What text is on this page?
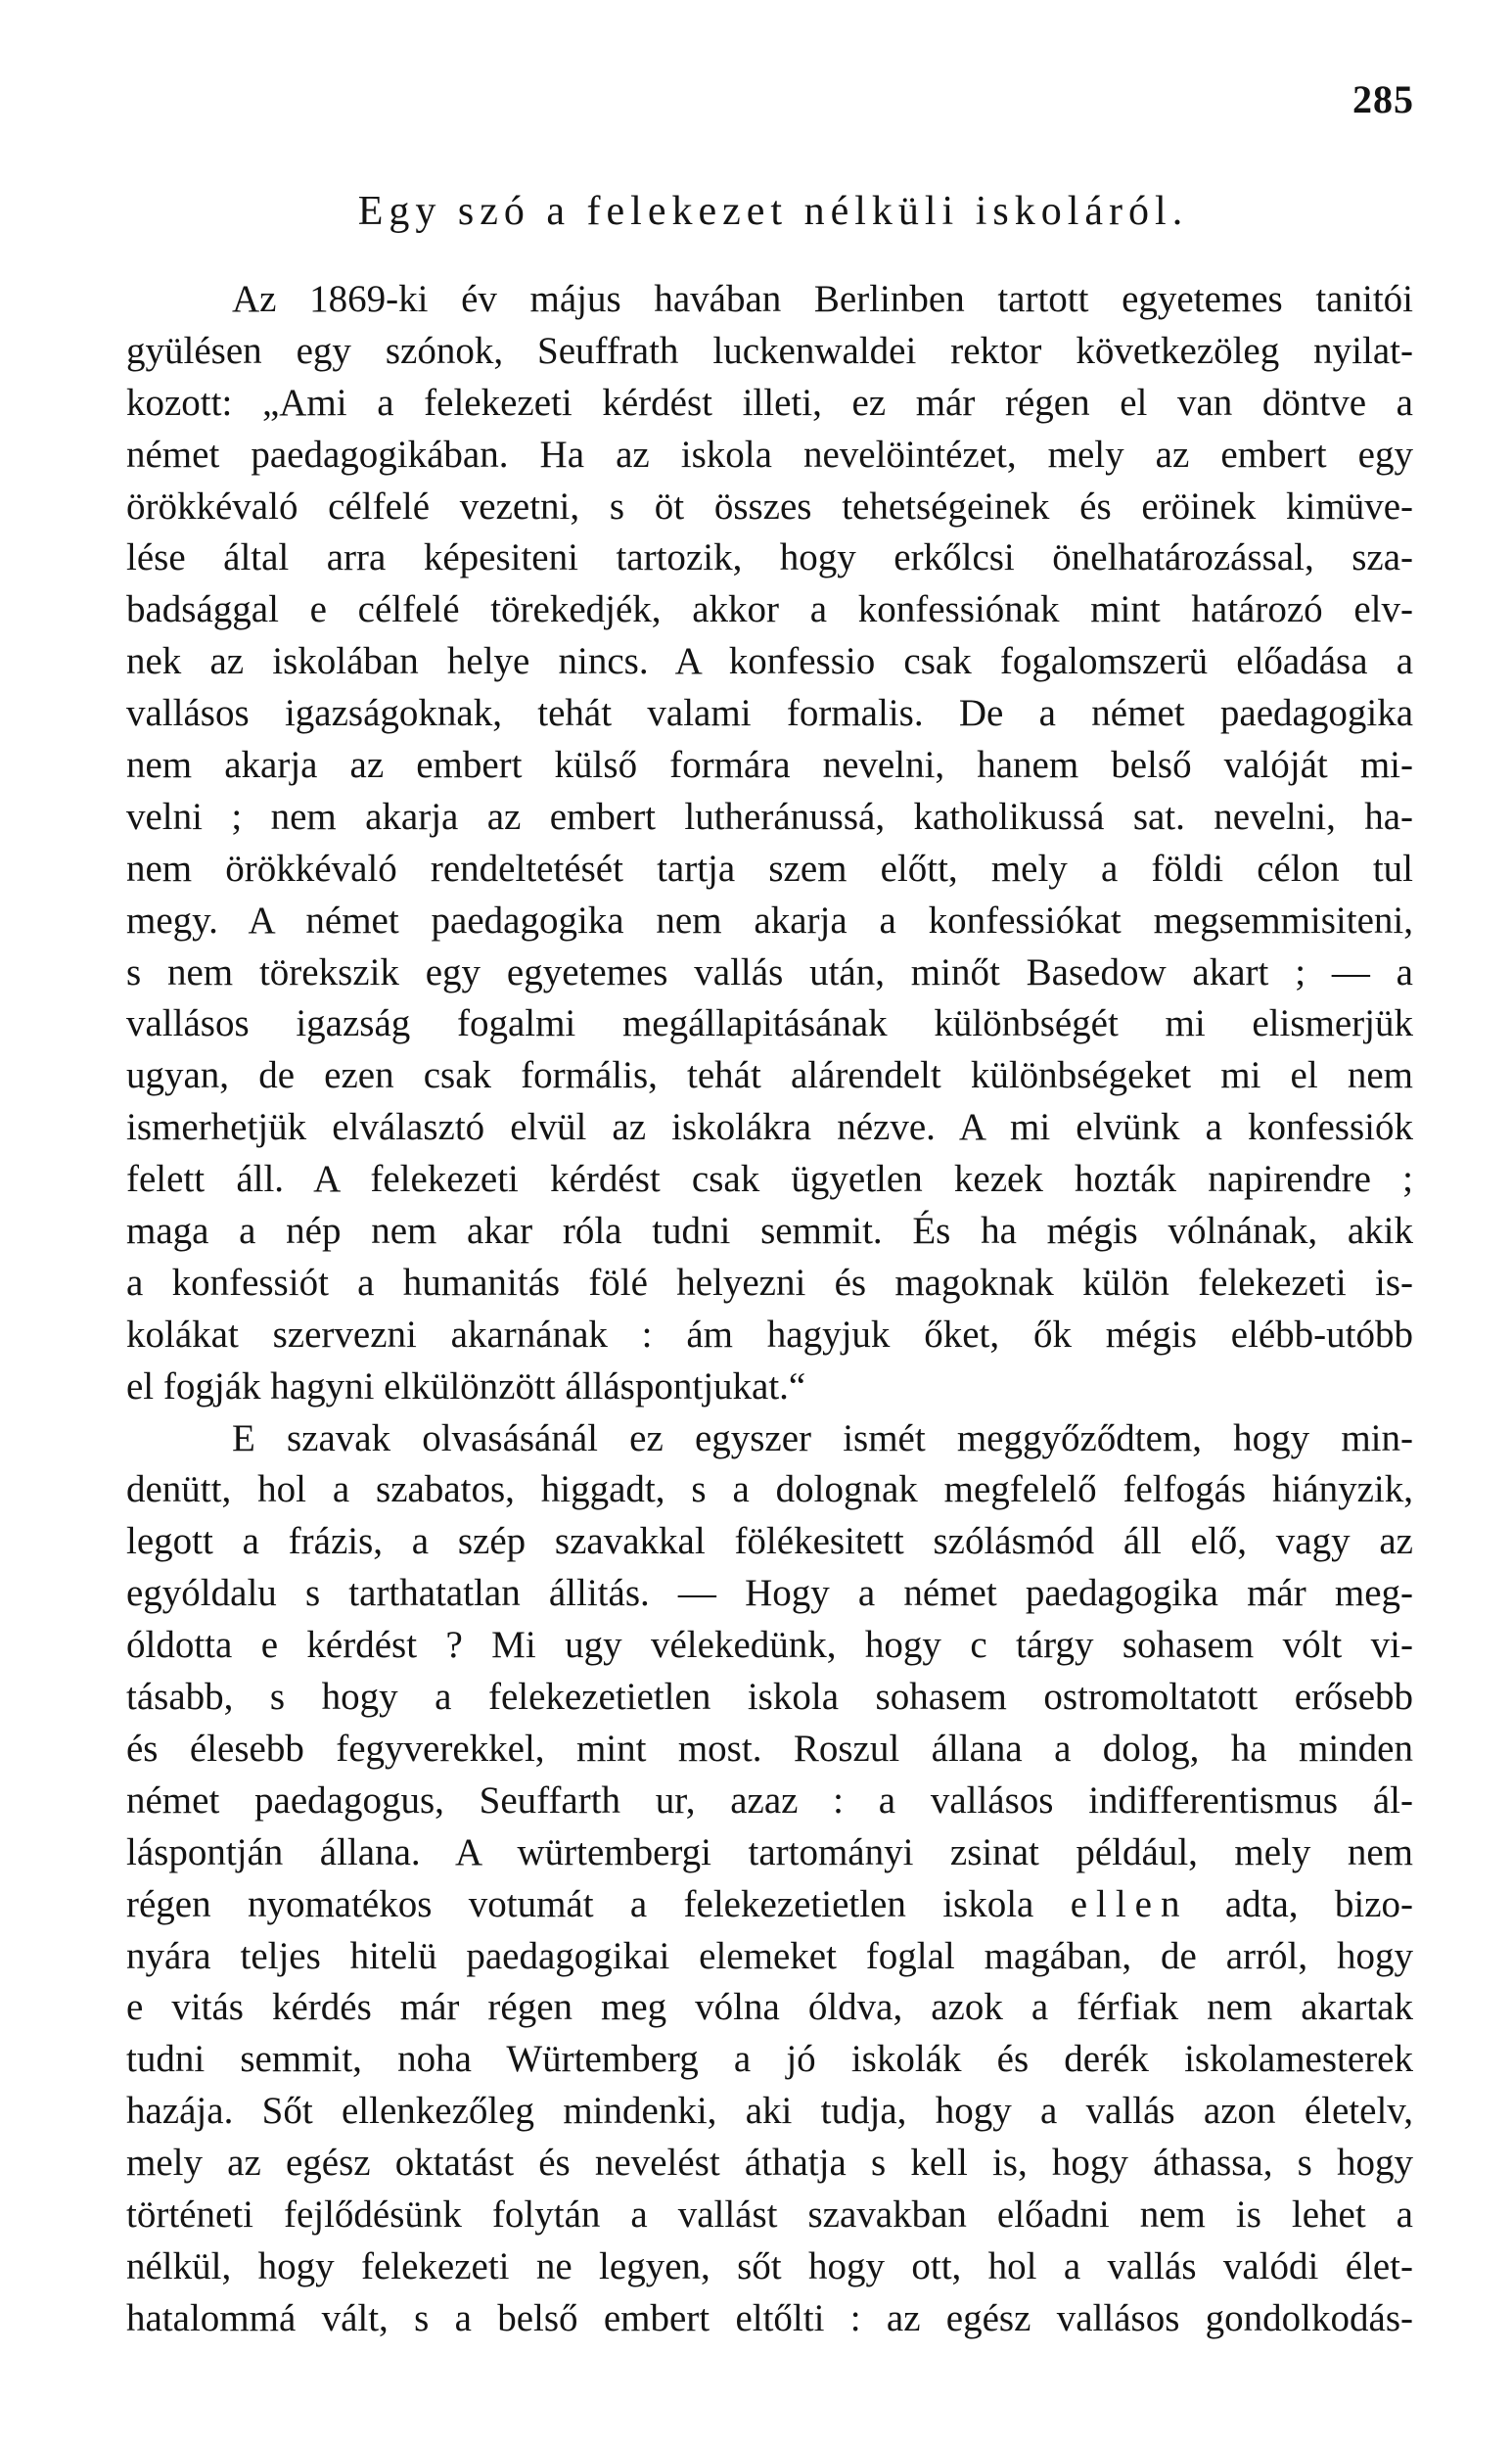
285
Egy szó a felekezet nélküli iskoláról.
Az 1869-ki év május havában Berlinben tartott egyetemes tanitói
gyülésen egy szónok, Seuffrath luckenwaldei rektor következöleg nyilat-
kozott: „Ami a felekezeti kérdést illeti, ez már régen el van döntve a
német paedagogikában. Ha az iskola nevelöintézet, mely az embert egy
örökkévaló célfelé vezetni, s öt összes tehetségeinek és eröinek kimüve-
lése által arra képesiteni tartozik, hogy erkőlcsi önelhatározással, sza-
badsággal e célfelé törekedjék, akkor a konfessiónak mint határozó elv-
nek az iskolában helye nincs. A konfessio csak fogalomszerü előadása a
vallásos igazságoknak, tehát valami formalis. De a német paedagogika
nem akarja az embert külső formára nevelni, hanem belső valóját mi-
velni ; nem akarja az embert lutheránussá, katholikussá sat. nevelni, ha-
nem örökkévaló rendeltetését tartja szem előtt, mely a földi célon tul
megy. A német paedagogika nem akarja a konfessiókat megsemmisiteni,
s nem törekszik egy egyetemes vallás után, minőt Basedow akart ; — a
vallásos igazság fogalmi megállapitásának különbségét mi elismerjük
ugyan, de ezen csak formális, tehát alárendelt különbségeket mi el nem
ismerhetjük elválasztó elvül az iskolákra nézve. A mi elvünk a konfessiók
felett áll. A felekezeti kérdést csak ügyetlen kezek hozták napirendre ;
maga a nép nem akar róla tudni semmit. És ha mégis vólnának, akik
a konfessiót a humanitás fölé helyezni és magoknak külön felekezeti is-
kolákat szervezni akarnának : ám hagyjuk őket, ők mégis elébb-utóbb
el fogják hagyni elkülönzött álláspontjukat.“
E szavak olvasásánál ez egyszer ismét meggyőződtem, hogy min-
denütt, hol a szabatos, higgadt, s a dolognak megfelelő felfogás hiányzik,
legott a frázis, a szép szavakkal fölékesitett szólásmód áll elő, vagy az
egyóldalu s tarthatatlan állitás. — Hogy a német paedagogika már meg-
óldotta e kérdést ? Mi ugy vélekedünk, hogy c tárgy sohasem vólt vi-
tásabb, s hogy a felekezetietlen iskola sohasem ostromoltatott erősebb
és élesebb fegyverekkel, mint most. Roszul állana a dolog, ha minden
német paedagogus, Seuffarth ur, azaz : a vallásos indifferentismus ál-
láspontján állana. A würtembergi tartományi zsinat például, mely nem
régen nyomatékos votumát a felekezetietlen iskola ellen adta, bizo-
nyára teljes hitelü paedagogikai elemeket foglal magában, de arról, hogy
e vitás kérdés már régen meg vólna óldva, azok a férfiak nem akartak
tudni semmit, noha Würtemberg a jó iskolák és derék iskolamesterek
hazája. Sőt ellenkezőleg mindenki, aki tudja, hogy a vallás azon életelv,
mely az egész oktatást és nevelést áthatja s kell is, hogy áthassa, s hogy
történeti fejlődésünk folytán a vallást szavakban előadni nem is lehet a
nélkül, hogy felekezeti ne legyen, sőt hogy ott, hol a vallás valódi élet-
hatalommá vált, s a belső embert eltőlti : az egész vallásos gondolkodás-
